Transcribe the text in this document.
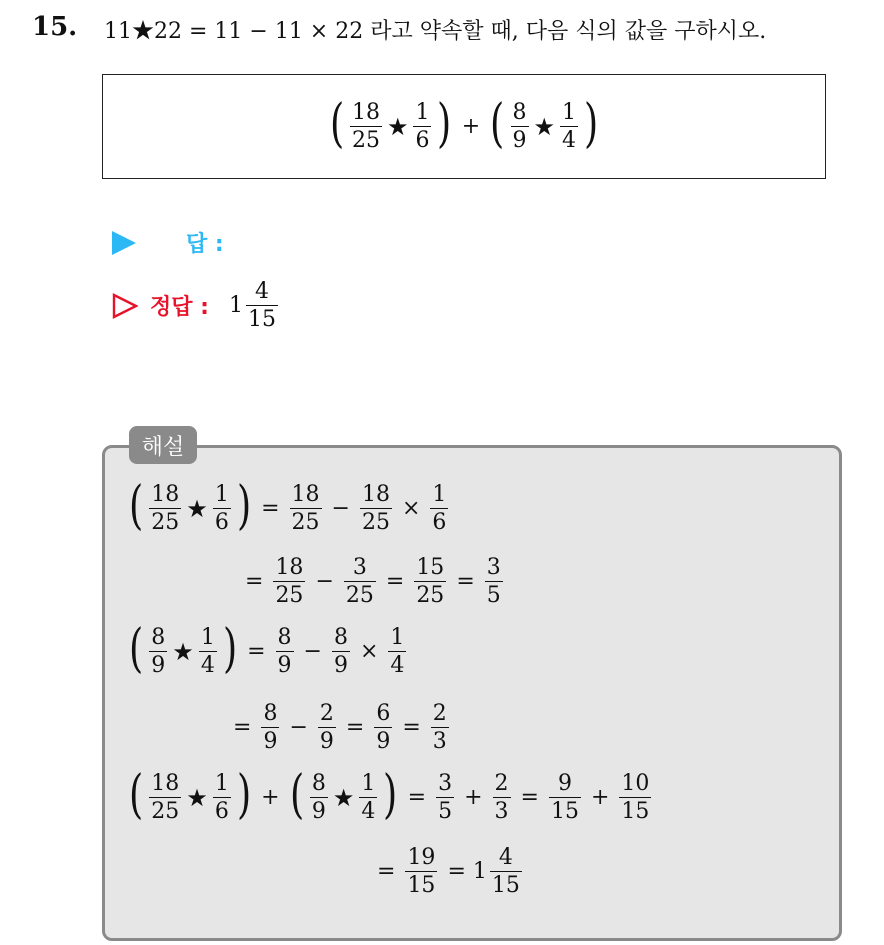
15. 11★22 = 11 − 11 × 22 라고 약속할 때, 다음 식의 값을 구하시오.
( $\frac{18}{25}$ ★ $\frac{1}{6}$ ) + ( $\frac{8}{9}$ ★ $\frac{1}{4}$ )
답 :
정답 : $1 \frac{4}{15}$
해설
( $\frac{18}{25}$ ★ $\frac{1}{6}$ ) = $\frac{18}{25} - \frac{18}{25} \times \frac{1}{6}$
= $\frac{18}{25} - \frac{3}{25} = \frac{15}{25} = \frac{3}{5}$
( $\frac{8}{9}$ ★ $\frac{1}{4}$ ) = $\frac{8}{9} - \frac{8}{9} \times \frac{1}{4}$
= $\frac{8}{9} - \frac{2}{9} = \frac{6}{9} = \frac{2}{3}$
( $\frac{18}{25}$ ★ $\frac{1}{6}$ ) + ( $\frac{8}{9}$ ★ $\frac{1}{4}$ ) = $\frac{3}{5} + \frac{2}{3} = \frac{9}{15} + \frac{10}{15}$
= $\frac{19}{15} = 1 \frac{4}{15}$
